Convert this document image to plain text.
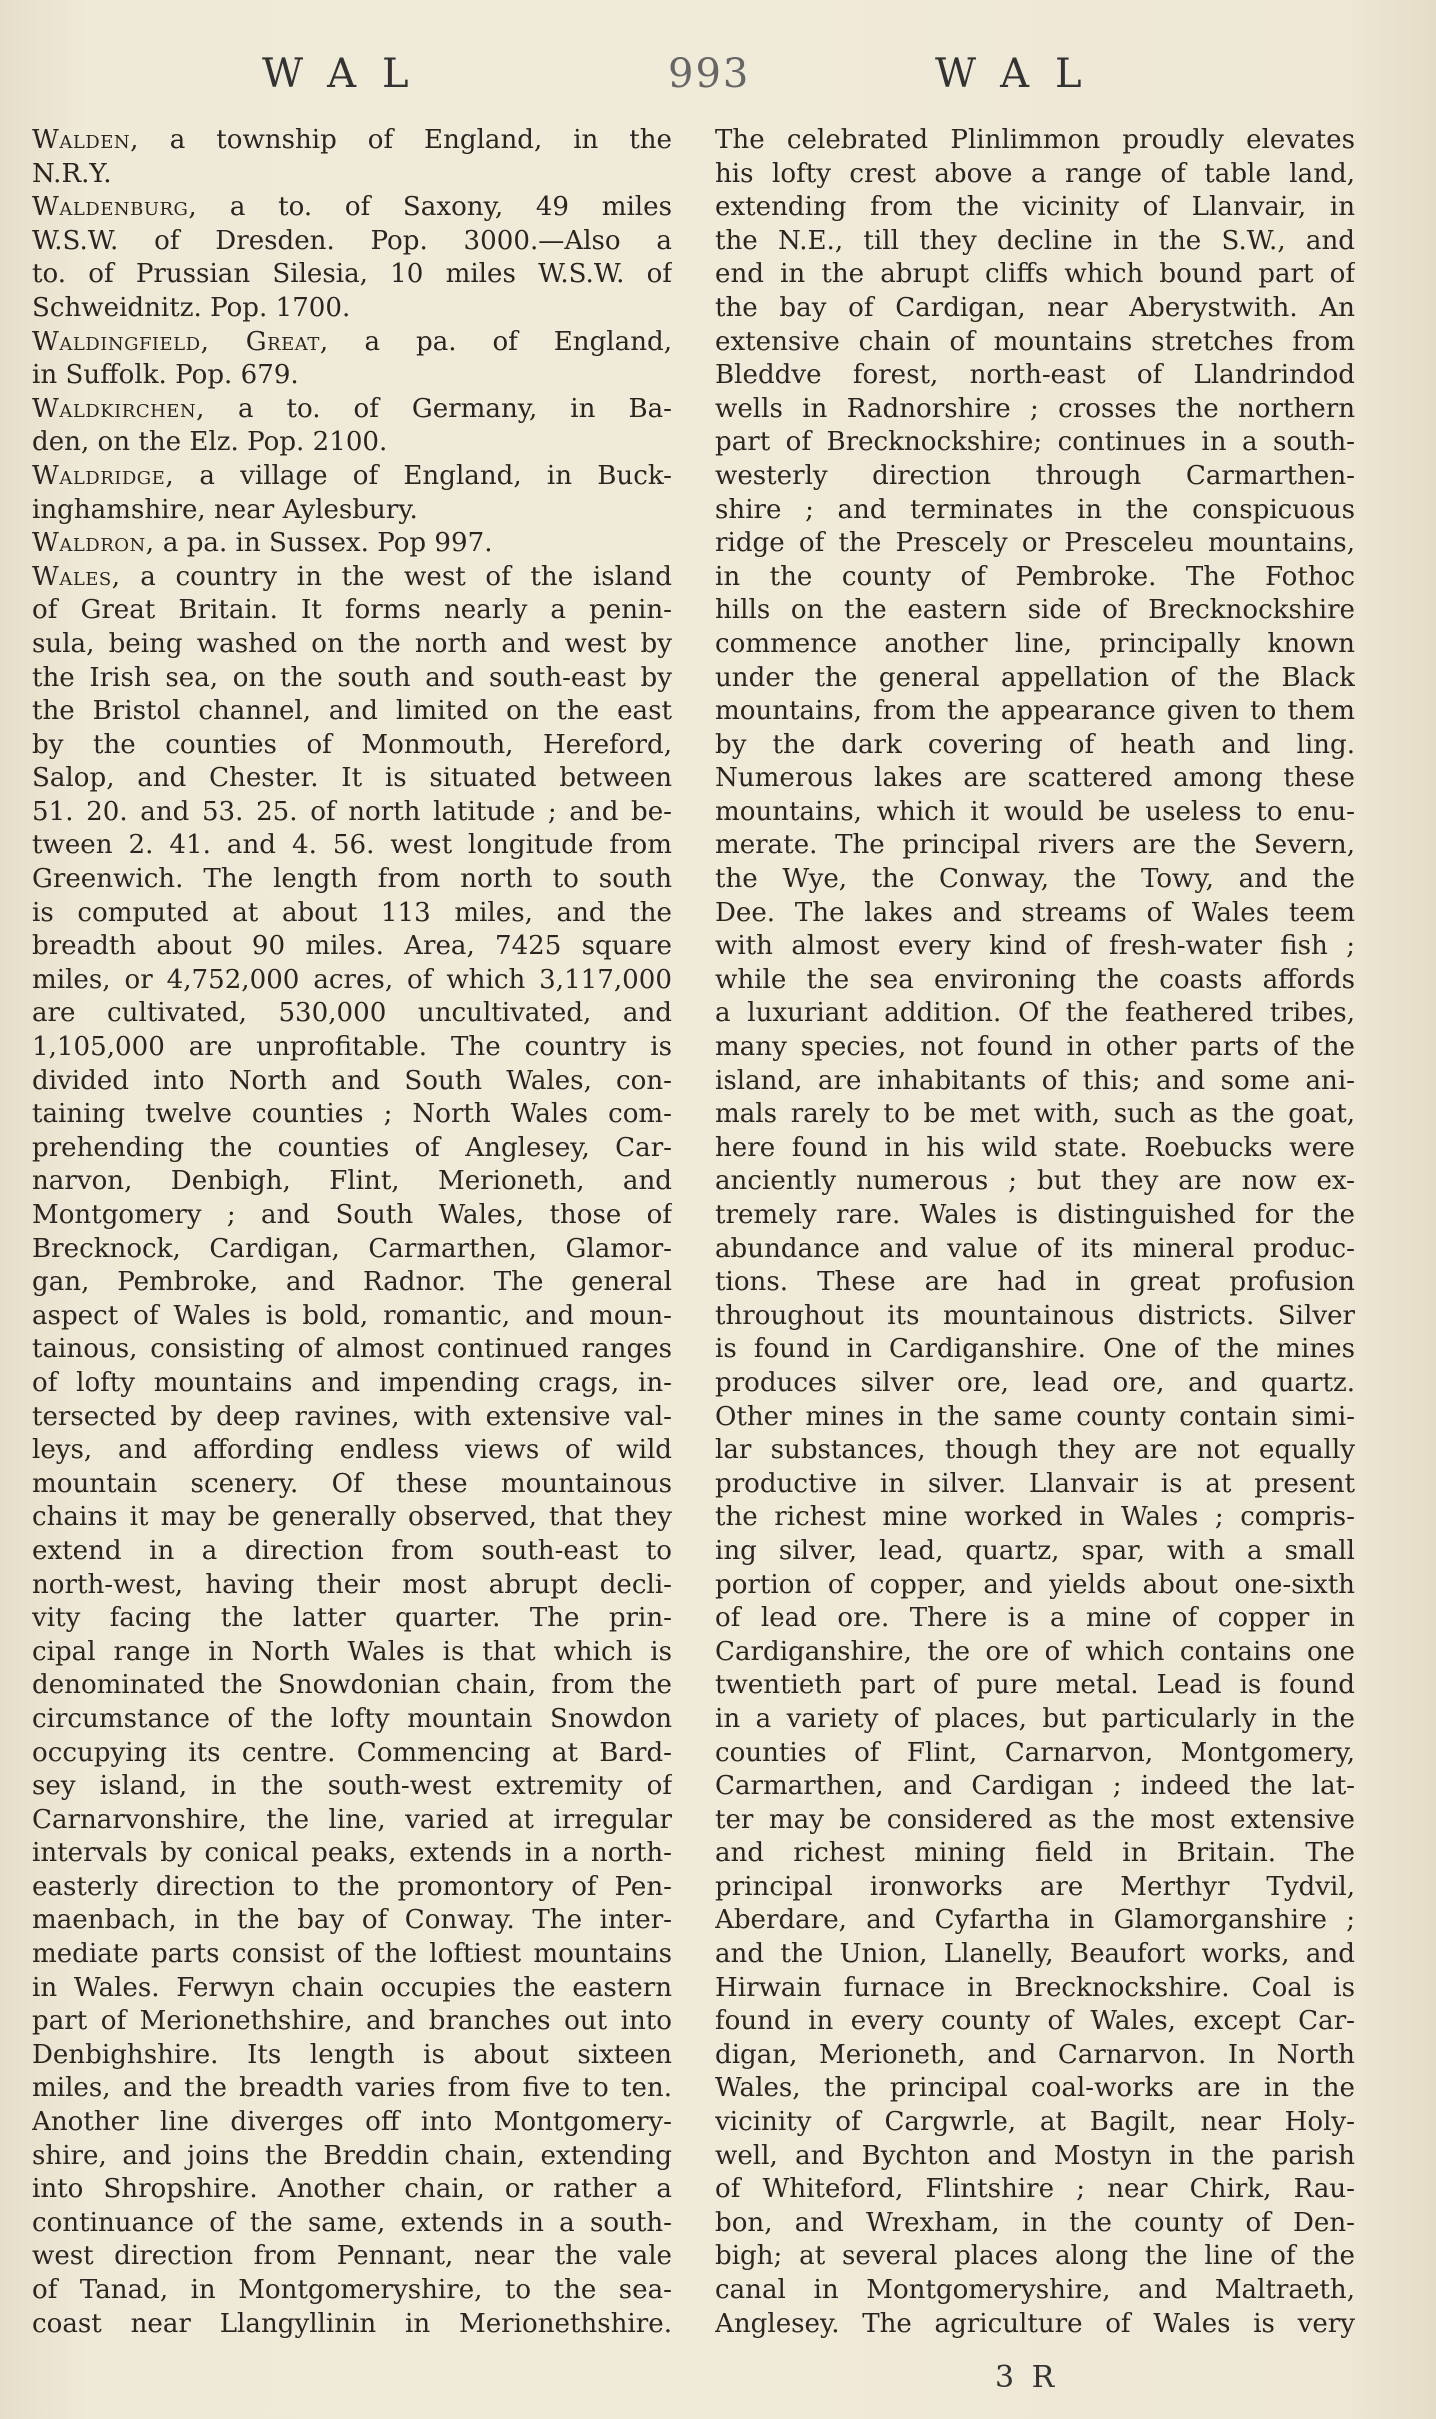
WAL	993	WAL
Walden, a township of England, in the
N.R.Y.
Waldenburg, a to. of Saxony, 49 miles
W.S.W. of Dresden. Pop. 3000.—Also a
to. of Prussian Silesia, 10 miles W.S.W. of
Schweidnitz. Pop. 1700.
Waldingfield, Great, a pa. of England,
in Suffolk. Pop. 679.
Waldkirchen, a to. of Germany, in Ba-
den, on the Elz. Pop. 2100.
Waldridge, a village of England, in Buck-
inghamshire, near Aylesbury.
Waldron, a pa. in Sussex. Pop 997.
Wales, a country in the west of the island
of Great Britain. It forms nearly a penin-
sula, being washed on the north and west by
the Irish sea, on the south and south-east by
the Bristol channel, and limited on the east
by the counties of Monmouth, Hereford,
Salop, and Chester. It is situated between
51. 20. and 53. 25. of north latitude ; and be-
tween 2. 41. and 4. 56. west longitude from
Greenwich. The length from north to south
is computed at about 113 miles, and the
breadth about 90 miles. Area, 7425 square
miles, or 4,752,000 acres, of which 3,117,000
are cultivated, 530,000 uncultivated, and
1,105,000 are unprofitable. The country is
divided into North and South Wales, con-
taining twelve counties ; North Wales com-
prehending the counties of Anglesey, Car-
narvon, Denbigh, Flint, Merioneth, and
Montgomery ; and South Wales, those of
Brecknock, Cardigan, Carmarthen, Glamor-
gan, Pembroke, and Radnor. The general
aspect of Wales is bold, romantic, and moun-
tainous, consisting of almost continued ranges
of lofty mountains and impending crags, in-
tersected by deep ravines, with extensive val-
leys, and affording endless views of wild
mountain scenery. Of these mountainous
chains it may be generally observed, that they
extend in a direction from south-east to
north-west, having their most abrupt decli-
vity facing the latter quarter. The prin-
cipal range in North Wales is that which is
denominated the Snowdonian chain, from the
circumstance of the lofty mountain Snowdon
occupying its centre. Commencing at Bard-
sey island, in the south-west extremity of
Carnarvonshire, the line, varied at irregular
intervals by conical peaks, extends in a north-
easterly direction to the promontory of Pen-
maenbach, in the bay of Conway. The inter-
mediate parts consist of the loftiest mountains
in Wales. Ferwyn chain occupies the eastern
part of Merionethshire, and branches out into
Denbighshire. Its length is about sixteen
miles, and the breadth varies from five to ten.
Another line diverges off into Montgomery-
shire, and joins the Breddin chain, extending
into Shropshire. Another chain, or rather a
continuance of the same, extends in a south-
west direction from Pennant, near the vale
of Tanad, in Montgomeryshire, to the sea-
coast near Llangyllinin in Merionethshire.
The celebrated Plinlimmon proudly elevates
his lofty crest above a range of table land,
extending from the vicinity of Llanvair, in
the N.E., till they decline in the S.W., and
end in the abrupt cliffs which bound part of
the bay of Cardigan, near Aberystwith. An
extensive chain of mountains stretches from
Bleddve forest, north-east of Llandrindod
wells in Radnorshire ; crosses the northern
part of Brecknockshire; continues in a south-
westerly direction through Carmarthen-
shire ; and terminates in the conspicuous
ridge of the Prescely or Presceleu mountains,
in the county of Pembroke. The Fothoc
hills on the eastern side of Brecknockshire
commence another line, principally known
under the general appellation of the Black
mountains, from the appearance given to them
by the dark covering of heath and ling.
Numerous lakes are scattered among these
mountains, which it would be useless to enu-
merate. The principal rivers are the Severn,
the Wye, the Conway, the Towy, and the
Dee. The lakes and streams of Wales teem
with almost every kind of fresh-water fish ;
while the sea environing the coasts affords
a luxuriant addition. Of the feathered tribes,
many species, not found in other parts of the
island, are inhabitants of this; and some ani-
mals rarely to be met with, such as the goat,
here found in his wild state. Roebucks were
anciently numerous ; but they are now ex-
tremely rare. Wales is distinguished for the
abundance and value of its mineral produc-
tions. These are had in great profusion
throughout its mountainous districts. Silver
is found in Cardiganshire. One of the mines
produces silver ore, lead ore, and quartz.
Other mines in the same county contain simi-
lar substances, though they are not equally
productive in silver. Llanvair is at present
the richest mine worked in Wales ; compris-
ing silver, lead, quartz, spar, with a small
portion of copper, and yields about one-sixth
of lead ore. There is a mine of copper in
Cardiganshire, the ore of which contains one
twentieth part of pure metal. Lead is found
in a variety of places, but particularly in the
counties of Flint, Carnarvon, Montgomery,
Carmarthen, and Cardigan ; indeed the lat-
ter may be considered as the most extensive
and richest mining field in Britain. The
principal ironworks are Merthyr Tydvil,
Aberdare, and Cyfartha in Glamorganshire ;
and the Union, Llanelly, Beaufort works, and
Hirwain furnace in Brecknockshire. Coal is
found in every county of Wales, except Car-
digan, Merioneth, and Carnarvon. In North
Wales, the principal coal-works are in the
vicinity of Cargwrle, at Bagilt, near Holy-
well, and Bychton and Mostyn in the parish
of Whiteford, Flintshire ; near Chirk, Rau-
bon, and Wrexham, in the county of Den-
bigh; at several places along the line of the
canal in Montgomeryshire, and Maltraeth,
Anglesey. The agriculture of Wales is very
3 R
